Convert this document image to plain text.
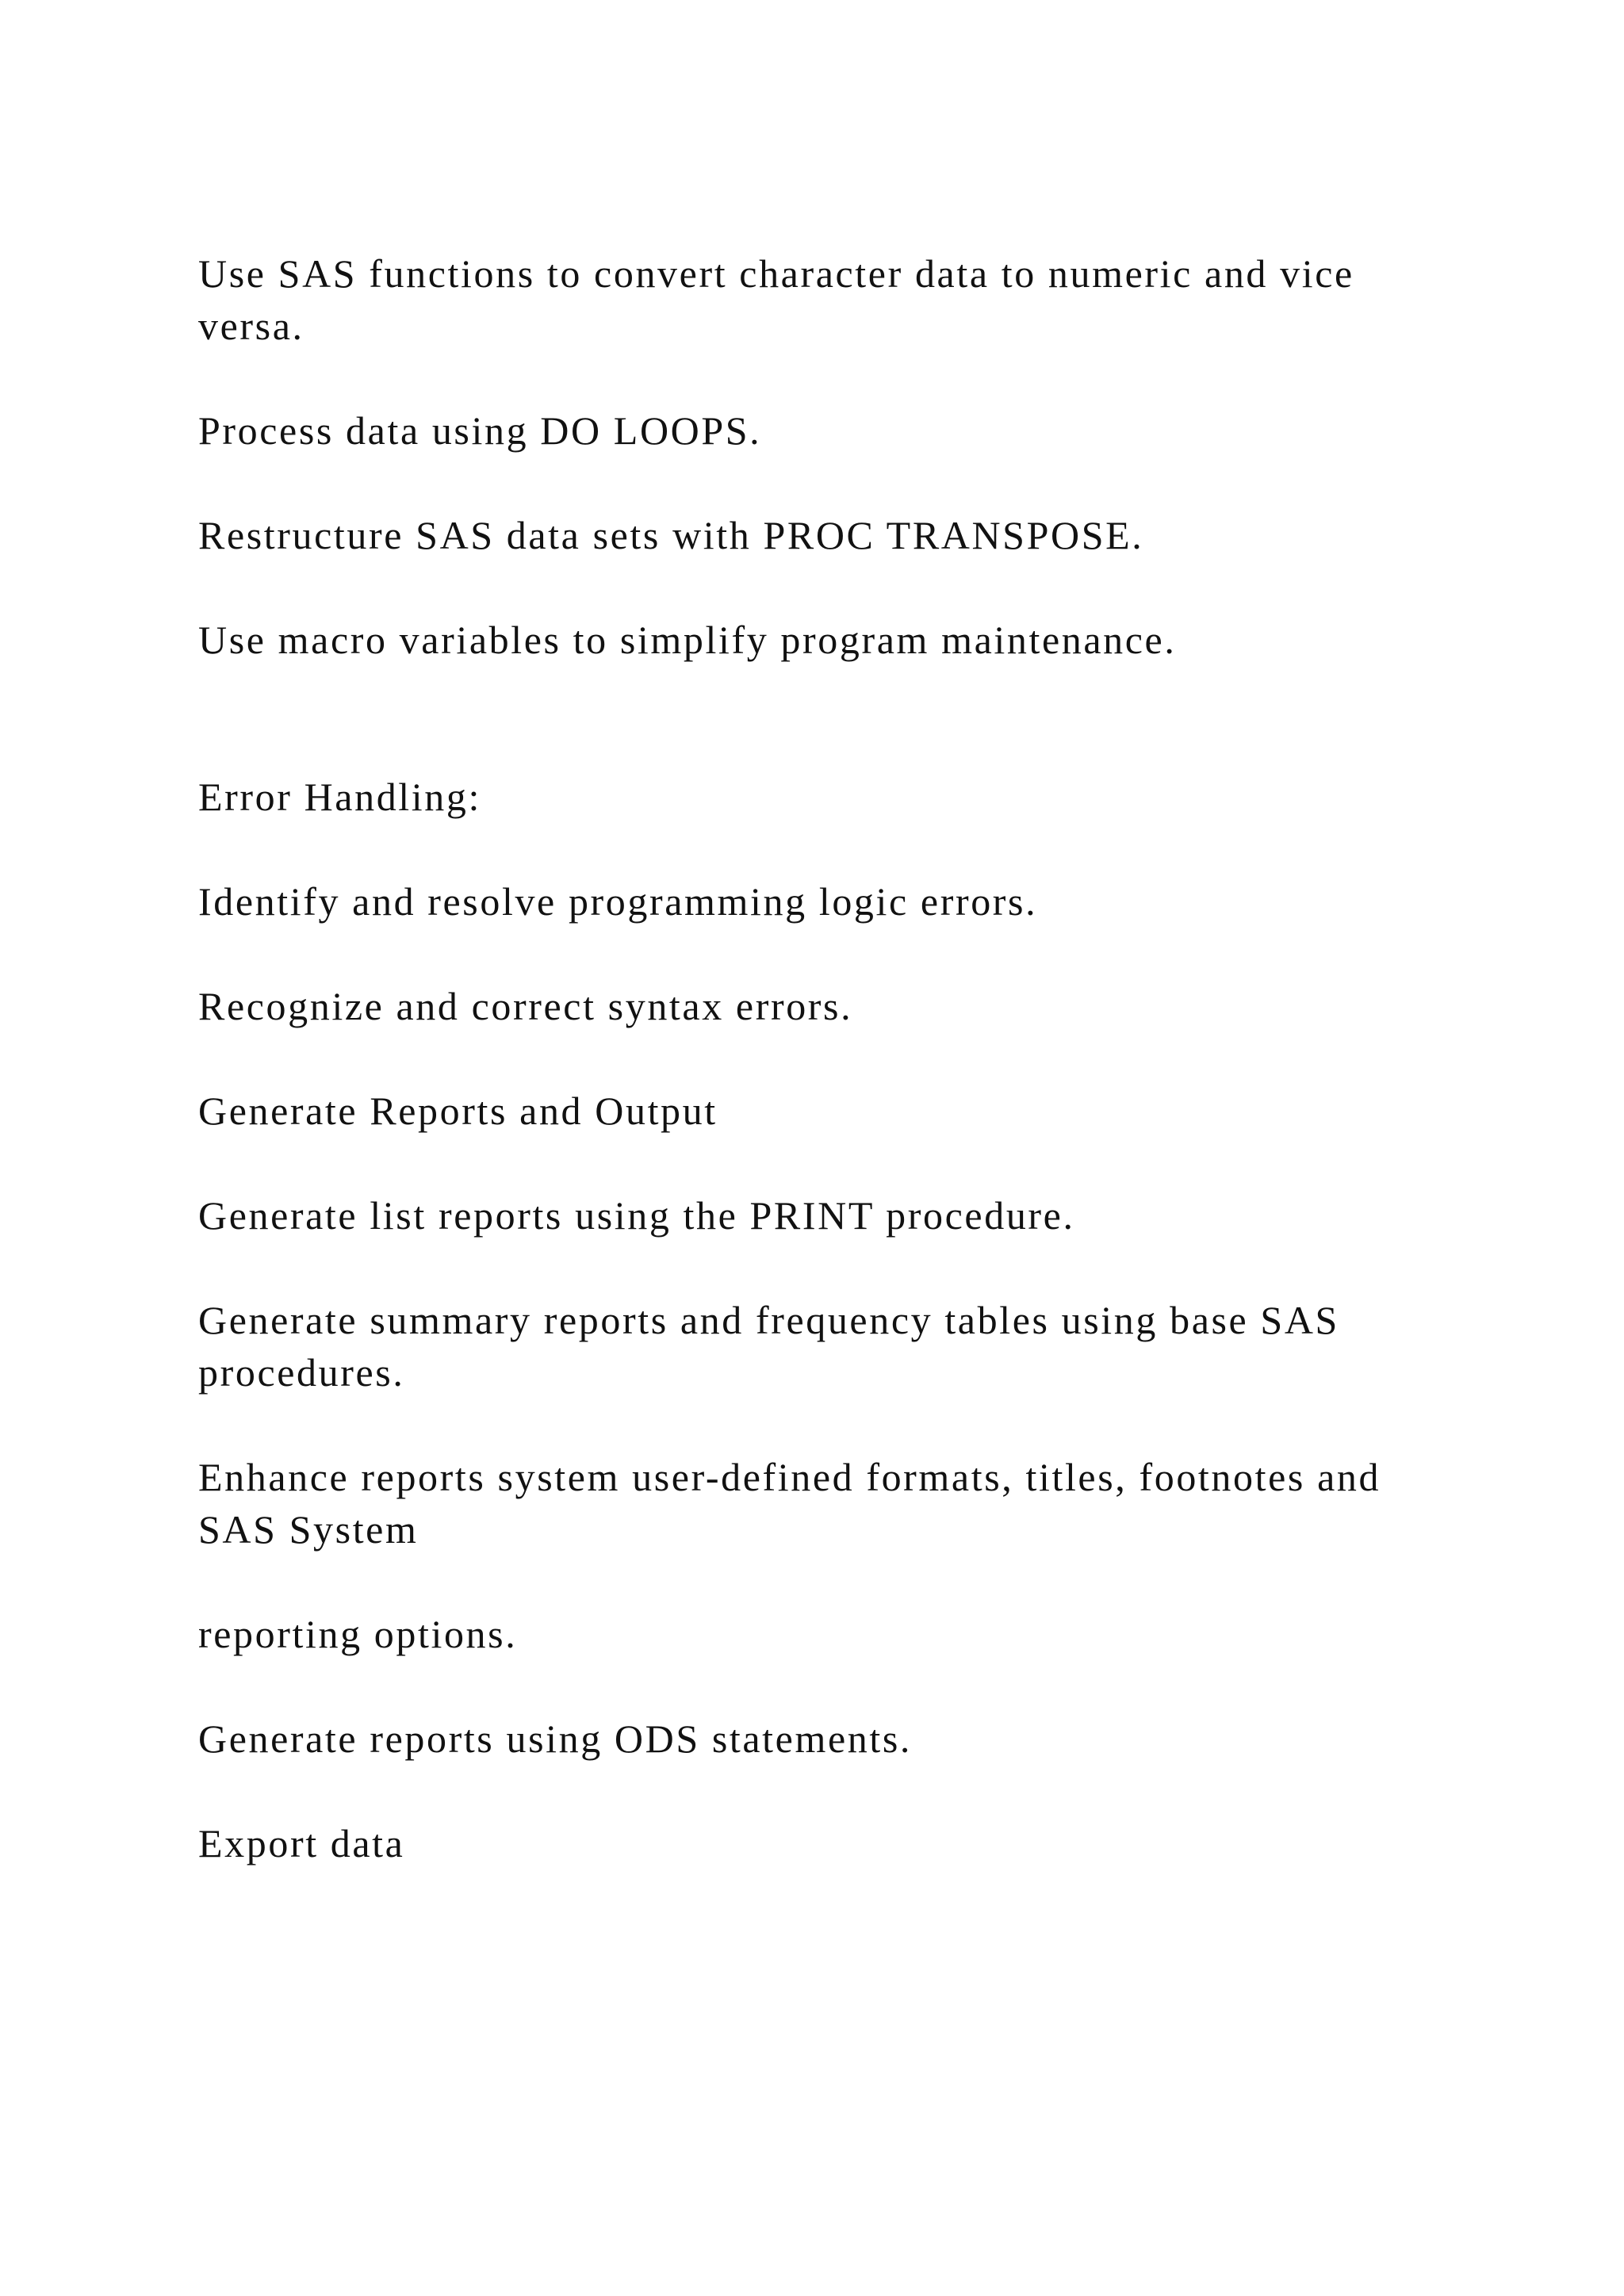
Use SAS functions to convert character data to numeric and vice versa.

Process data using DO LOOPS.

Restructure SAS data sets with PROC TRANSPOSE.

Use macro variables to simplify program maintenance.

Error Handling:

Identify and resolve programming logic errors.

Recognize and correct syntax errors.

Generate Reports and Output

Generate list reports using the PRINT procedure.

Generate summary reports and frequency tables using base SAS procedures.

Enhance reports system user-defined formats, titles, footnotes and SAS System

reporting options.

Generate reports using ODS statements.

Export data
